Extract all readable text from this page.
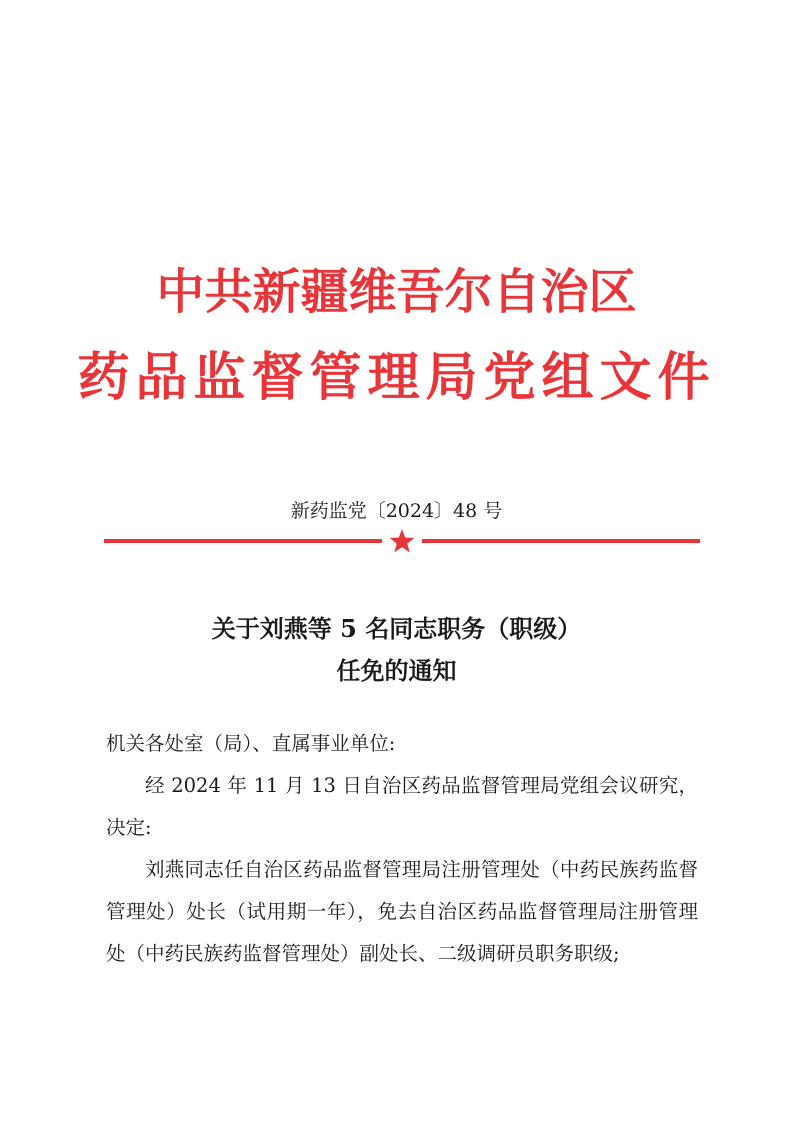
中共新疆维吾尔自治区
药品监督管理局党组文件
新药监党〔2024〕48 号
关于刘燕等 5 名同志职务（职级）
任免的通知

机关各处室（局）、直属事业单位:

经 2024 年 11 月 13 日自治区药品监督管理局党组会议研究，决定:

刘燕同志任自治区药品监督管理局注册管理处（中药民族药监督管理处）处长（试用期一年），免去自治区药品监督管理局注册管理处（中药民族药监督管理处）副处长、二级调研员职务职级;
